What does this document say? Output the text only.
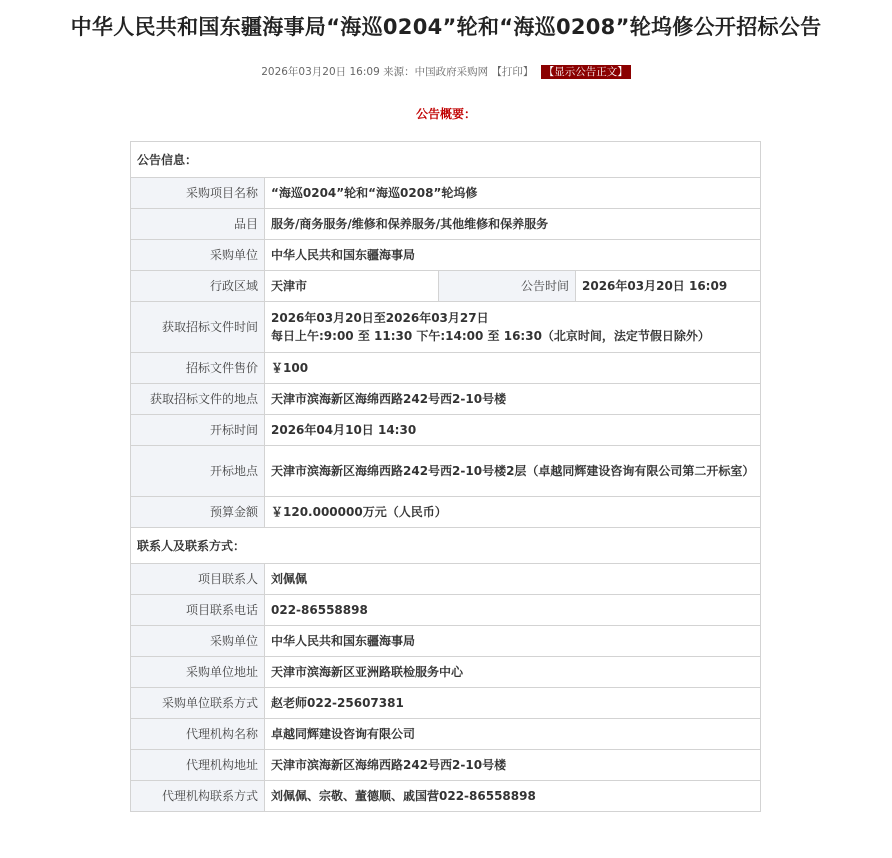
中华人民共和国东疆海事局“海巡0204”轮和“海巡0208”轮坞修公开招标公告
2026年03月20日 16:09 来源：中国政府采购网 【打印】 【显示公告正文】
公告概要：
公告信息：			
采购项目名称	“海巡0204”轮和“海巡0208”轮坞修		
品目	服务/商务服务/维修和保养服务/其他维修和保养服务		
采购单位	中华人民共和国东疆海事局		
行政区域	天津市	公告时间	2026年03月20日 16:09
获取招标文件时间	2026年03月20日至2026年03月27日
每日上午:9:00 至 11:30 下午:14:00 至 16:30（北京时间，法定节假日除外）		

招标文件售价	￥100		
获取招标文件的地点	天津市滨海新区海绵西路242号西2-10号楼		
开标时间	2026年04月10日 14:30		
开标地点	天津市滨海新区海绵西路242号西2-10号楼2层（卓越同辉建设咨询有限公司第二开标室）		
预算金额	￥120.000000万元（人民币）		
联系人及联系方式：			
项目联系人	刘佩佩		
项目联系电话	022-86558898		
采购单位	中华人民共和国东疆海事局		
采购单位地址	天津市滨海新区亚洲路联检服务中心		
采购单位联系方式	赵老师022-25607381		
代理机构名称	卓越同辉建设咨询有限公司		
代理机构地址	天津市滨海新区海绵西路242号西2-10号楼		
代理机构联系方式	刘佩佩、宗敬、董德顺、戚国营022-86558898		
